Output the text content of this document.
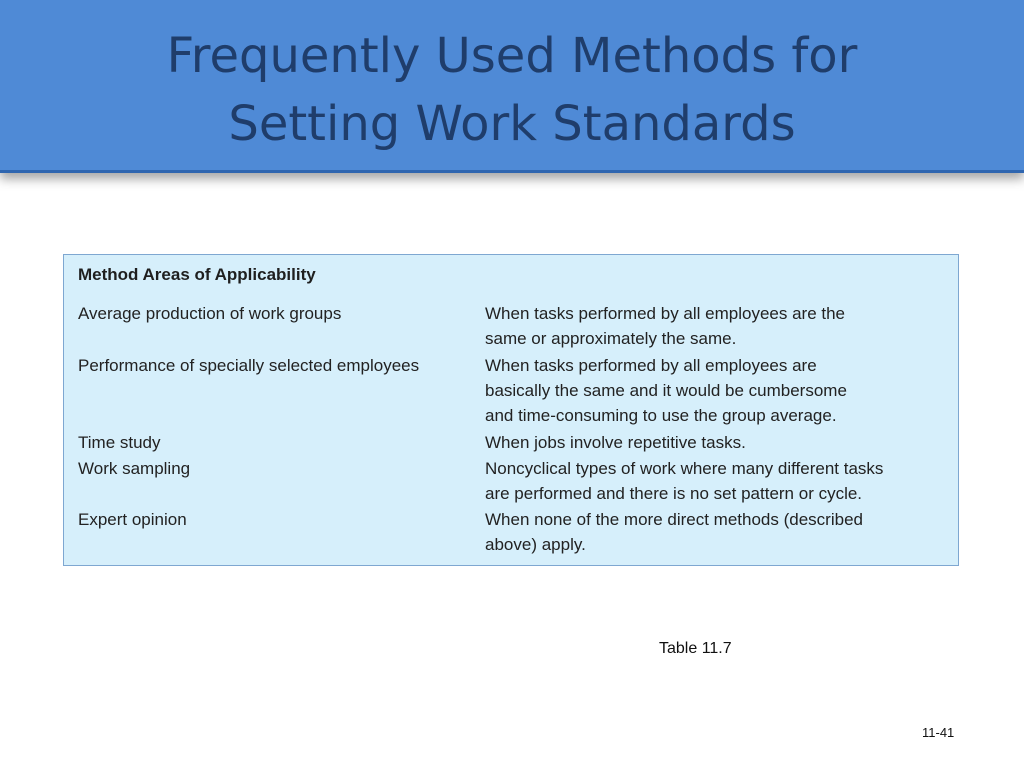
Frequently Used Methods for
Setting Work Standards
Method Areas of Applicability
Average production of work groups	When tasks performed by all employees are the
same or approximately the same.
Performance of specially selected employees	When tasks performed by all employees are
basically the same and it would be cumbersome
and time-consuming to use the group average.
Time study	When jobs involve repetitive tasks.
Work sampling	Noncyclical types of work where many different tasks
are performed and there is no set pattern or cycle.
Expert opinion	When none of the more direct methods (described
above) apply.
Table 11.7
11-41
